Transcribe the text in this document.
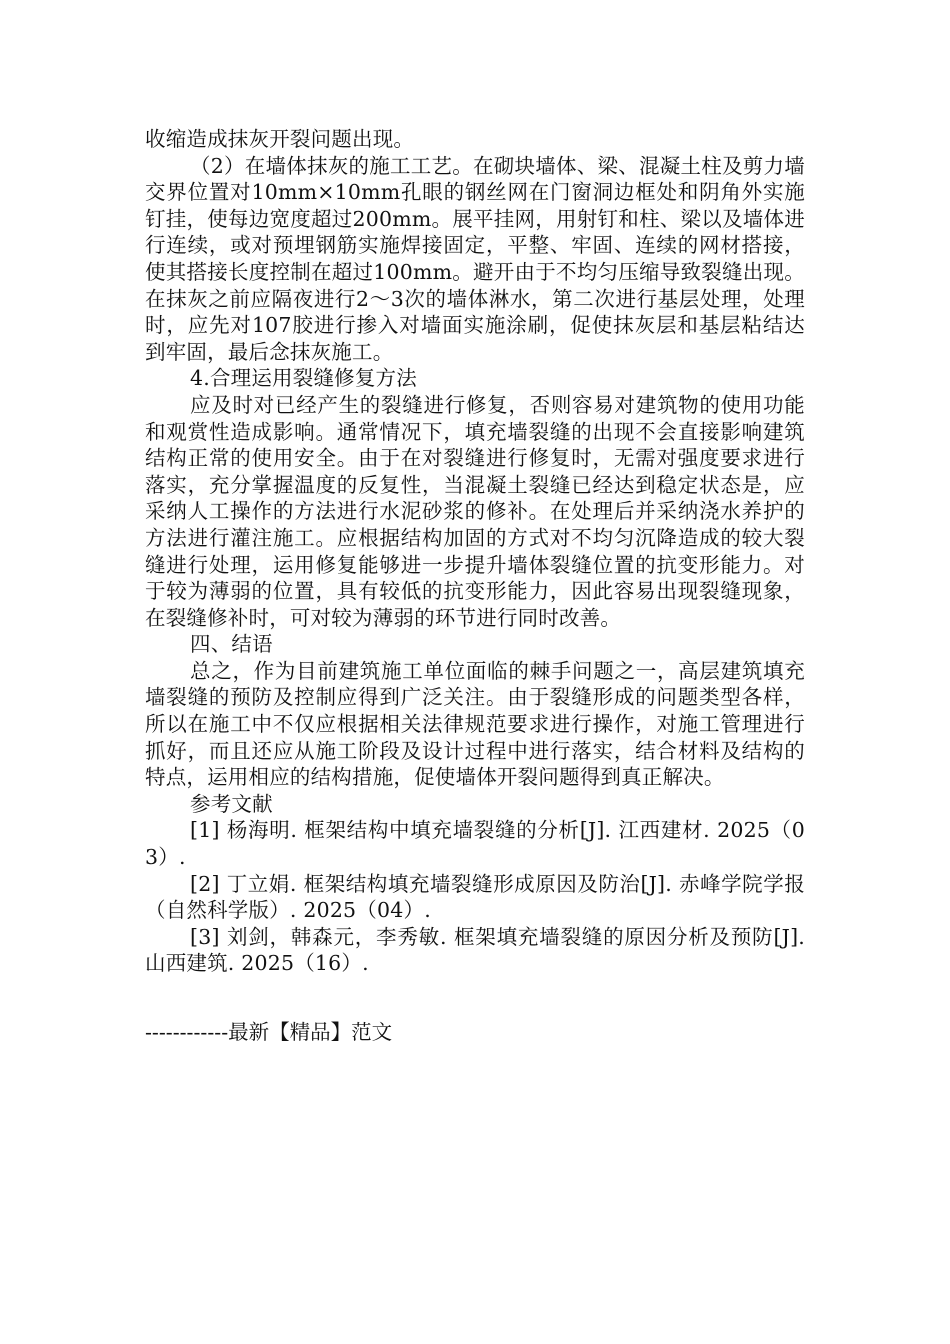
收缩造成抹灰开裂问题出现。

（2）在墙体抹灰的施工工艺。在砌块墙体、梁、混凝土柱及剪力墙交界位置对10mm×10mm孔眼的钢丝网在门窗洞边框处和阴角外实施钉挂，使每边宽度超过200mm。展平挂网，用射钉和柱、梁以及墙体进行连续，或对预埋钢筋实施焊接固定，平整、牢固、连续的网材搭接，使其搭接长度控制在超过100mm。避开由于不均匀压缩导致裂缝出现。在抹灰之前应隔夜进行2～3次的墙体淋水，第二次进行基层处理，处理时，应先对107胶进行掺入对墙面实施涂刷，促使抹灰层和基层粘结达到牢固，最后念抹灰施工。

4.合理运用裂缝修复方法

应及时对已经产生的裂缝进行修复，否则容易对建筑物的使用功能和观赏性造成影响。通常情况下，填充墙裂缝的出现不会直接影响建筑结构正常的使用安全。由于在对裂缝进行修复时，无需对强度要求进行落实，充分掌握温度的反复性，当混凝土裂缝已经达到稳定状态是，应采纳人工操作的方法进行水泥砂浆的修补。在处理后并采纳浇水养护的方法进行灌注施工。应根据结构加固的方式对不均匀沉降造成的较大裂缝进行处理，运用修复能够进一步提升墙体裂缝位置的抗变形能力。对于较为薄弱的位置，具有较低的抗变形能力，因此容易出现裂缝现象，在裂缝修补时，可对较为薄弱的环节进行同时改善。

四、结语

总之，作为目前建筑施工单位面临的棘手问题之一，高层建筑填充墙裂缝的预防及控制应得到广泛关注。由于裂缝形成的问题类型各样，所以在施工中不仅应根据相关法律规范要求进行操作，对施工管理进行抓好，而且还应从施工阶段及设计过程中进行落实，结合材料及结构的特点，运用相应的结构措施，促使墙体开裂问题得到真正解决。

参考文献

[1] 杨海明. 框架结构中填充墙裂缝的分析[J]. 江西建材. 2025（03）.

[2] 丁立娟. 框架结构填充墙裂缝形成原因及防治[J]. 赤峰学院学报（自然科学版）. 2025（04）.

[3] 刘剑，韩森元，李秀敏. 框架填充墙裂缝的原因分析及预防[J]. 山西建筑. 2025（16）.

------------最新【精品】范文
